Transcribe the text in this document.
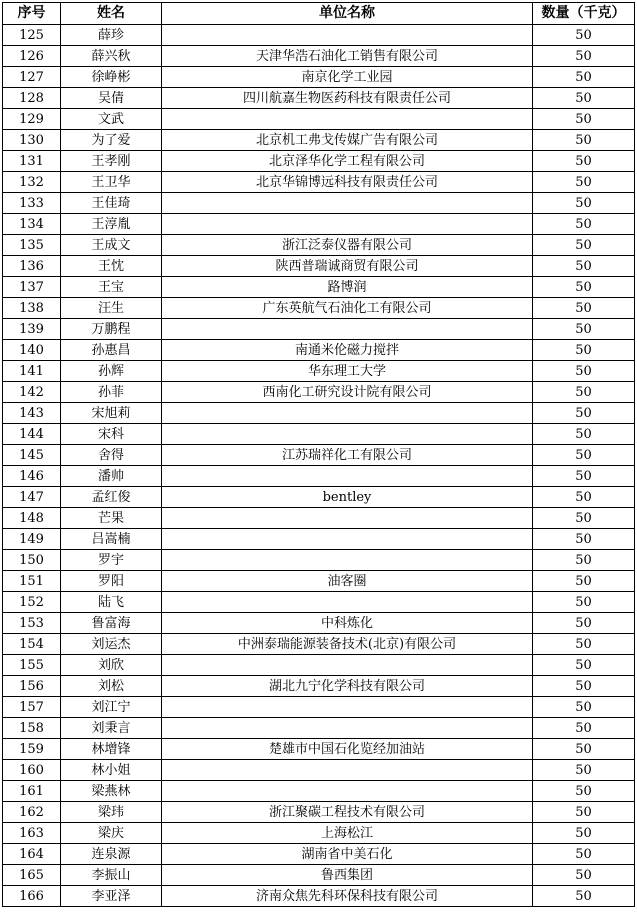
序号	姓名	单位名称	数量（千克）
125	薛珍		50
126	薛兴秋	天津华浩石油化工销售有限公司	50
127	徐峥彬	南京化学工业园	50
128	吴倩	四川航嘉生物医药科技有限责任公司	50
129	文武		50
130	为了爱	北京机工弗戈传媒广告有限公司	50
131	王孝刚	北京泽华化学工程有限公司	50
132	王卫华	北京华锦博远科技有限责任公司	50
133	王佳琦		50
134	王淳胤		50
135	王成文	浙江泛泰仪器有限公司	50
136	王忱	陕西普瑞诚商贸有限公司	50
137	王宝	路博润	50
138	汪生	广东英航气石油化工有限公司	50
139	万鹏程		50
140	孙惠昌	南通米伦磁力搅拌	50
141	孙辉	华东理工大学	50
142	孙菲	西南化工研究设计院有限公司	50
143	宋旭莉		50
144	宋科		50
145	舍得	江苏瑞祥化工有限公司	50
146	潘帅		50
147	孟红俊	bentley	50
148	芒果		50
149	吕嵩楠		50
150	罗宇		50
151	罗阳	油客圈	50
152	陆飞		50
153	鲁富海	中科炼化	50
154	刘运杰	中洲泰瑞能源装备技术(北京)有限公司	50
155	刘欣		50
156	刘松	湖北九宁化学科技有限公司	50
157	刘江宁		50
158	刘秉言		50
159	林增锋	楚雄市中国石化览经加油站	50
160	林小姐		50
161	梁燕林		50
162	梁玮	浙江聚碳工程技术有限公司	50
163	梁庆	上海松江	50
164	连泉源	湖南省中美石化	50
165	李振山	鲁西集团	50
166	李亚泽	济南众焦先科环保科技有限公司	50
